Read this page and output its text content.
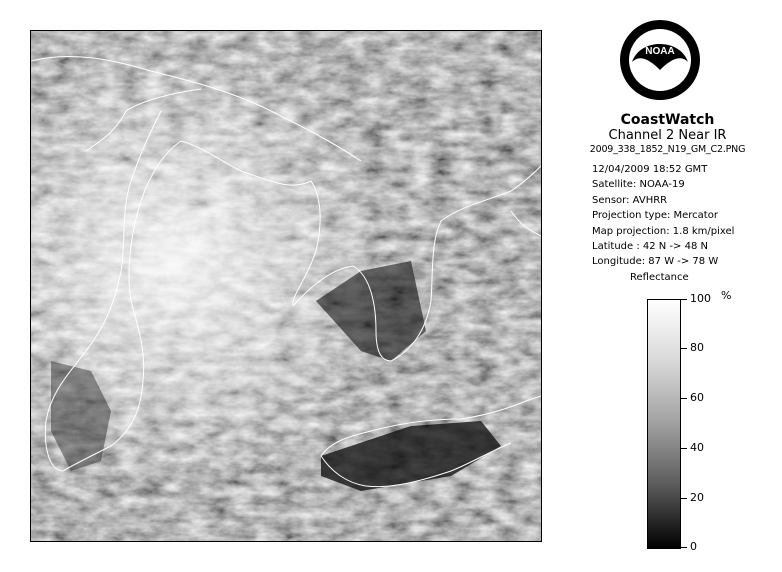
NOAA
CoastWatch
Channel 2 Near IR
2009_338_1852_N19_GM_C2.PNG
12/04/2009 18:52 GMT
Satellite: NOAA-19
Sensor: AVHRR
Projection type: Mercator
Map projection: 1.8 km/pixel
Latitude : 42 N -> 48 N
Longitude: 87 W -> 78 W
Reflectance
%
100
80
60
40
20
0
